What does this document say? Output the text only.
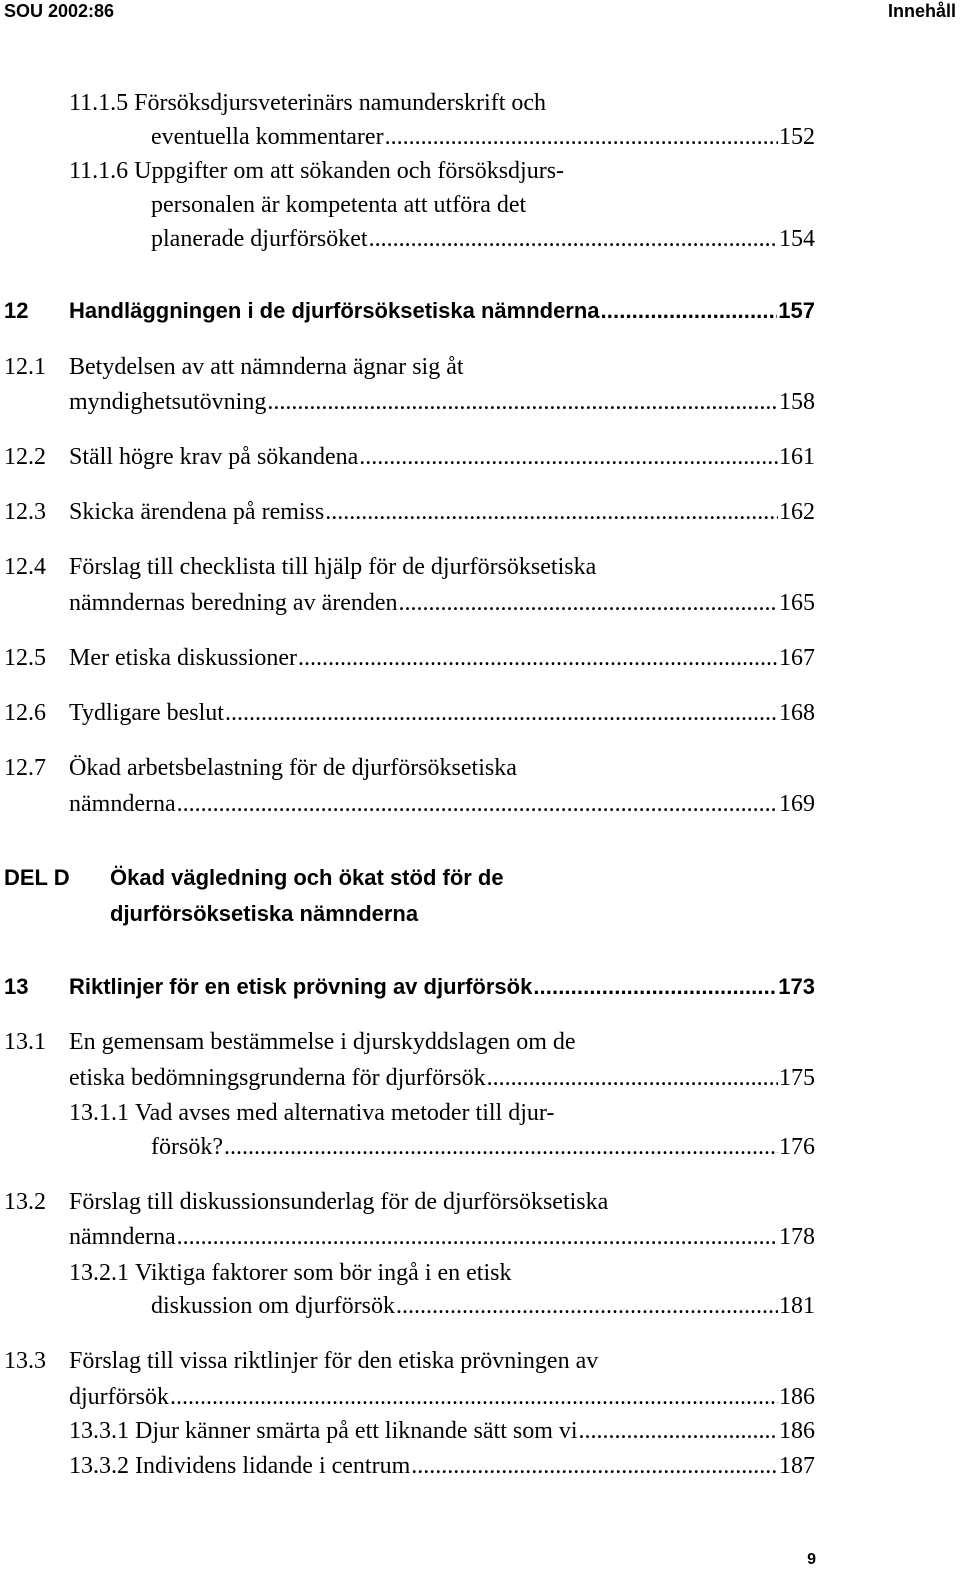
SOU 2002:86	Innehåll
11.1.5
Försöksdjursveterinärs namunderskrift och
eventuella kommentarer . . .	152
11.1.6
Uppgifter om att sökanden och försöksdjurs-
personalen är kompetenta att utföra det
planerade djurförsöket . . .	154
12	Handläggningen i de djurförsöksetiska nämnderna . . .	157
12.1 Betydelsen av att nämnderna ägnar sig åt
myndighetsutövning . . .	158
12.2 Ställ högre krav på sökandena . . .	161
12.3 Skicka ärendena på remiss . . .	162
12.4 Förslag till checklista till hjälp för de djurförsöksetiska
nämndernas beredning av ärenden . . .	165
12.5 Mer etiska diskussioner . . .	167
12.6 Tydligare beslut . . .	168
12.7 Ökad arbetsbelastning för de djurförsöksetiska
nämnderna . . .	169
DEL D	Ökad vägledning och ökat stöd för de
djurförsöksetiska nämnderna
13	Riktlinjer för en etisk prövning av djurförsök . . .	173
13.1 En gemensam bestämmelse i djurskyddslagen om de
etiska bedömningsgrunderna för djurförsök . . .	175
13.1.1
Vad avses med alternativa metoder till djur-
försök? . . .	176
13.2 Förslag till diskussionsunderlag för de djurförsöksetiska
nämnderna . . .	178
13.2.1
Viktiga faktorer som bör ingå i en etisk
diskussion om djurförsök . . .	181
13.3 Förslag till vissa riktlinjer för den etiska prövningen av
djurförsök . . .	186
13.3.1
Djur känner smärta på ett liknande sätt som vi . . .	186
13.3.2
Individens lidande i centrum . . .	187
9
